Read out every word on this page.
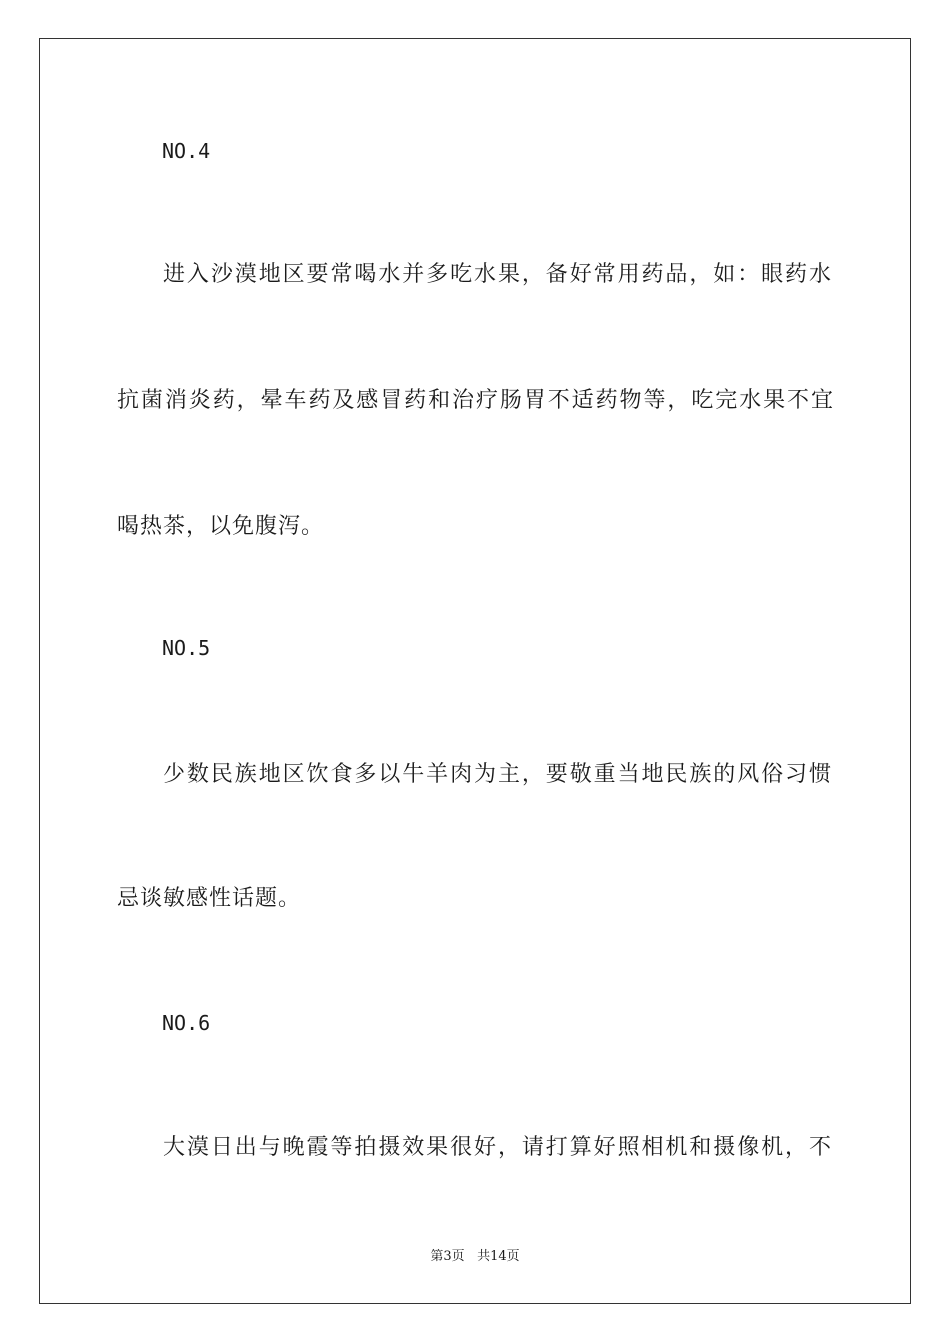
NO.4
进入沙漠地区要常喝水并多吃水果，备好常用药品，如：眼药水
抗菌消炎药，晕车药及感冒药和治疗肠胃不适药物等，吃完水果不宜
喝热茶，以免腹泻。
NO.5
少数民族地区饮食多以牛羊肉为主，要敬重当地民族的风俗习惯
忌谈敏感性话题。
NO.6
大漠日出与晚霞等拍摄效果很好，请打算好照相机和摄像机，不
第3页 共14页
